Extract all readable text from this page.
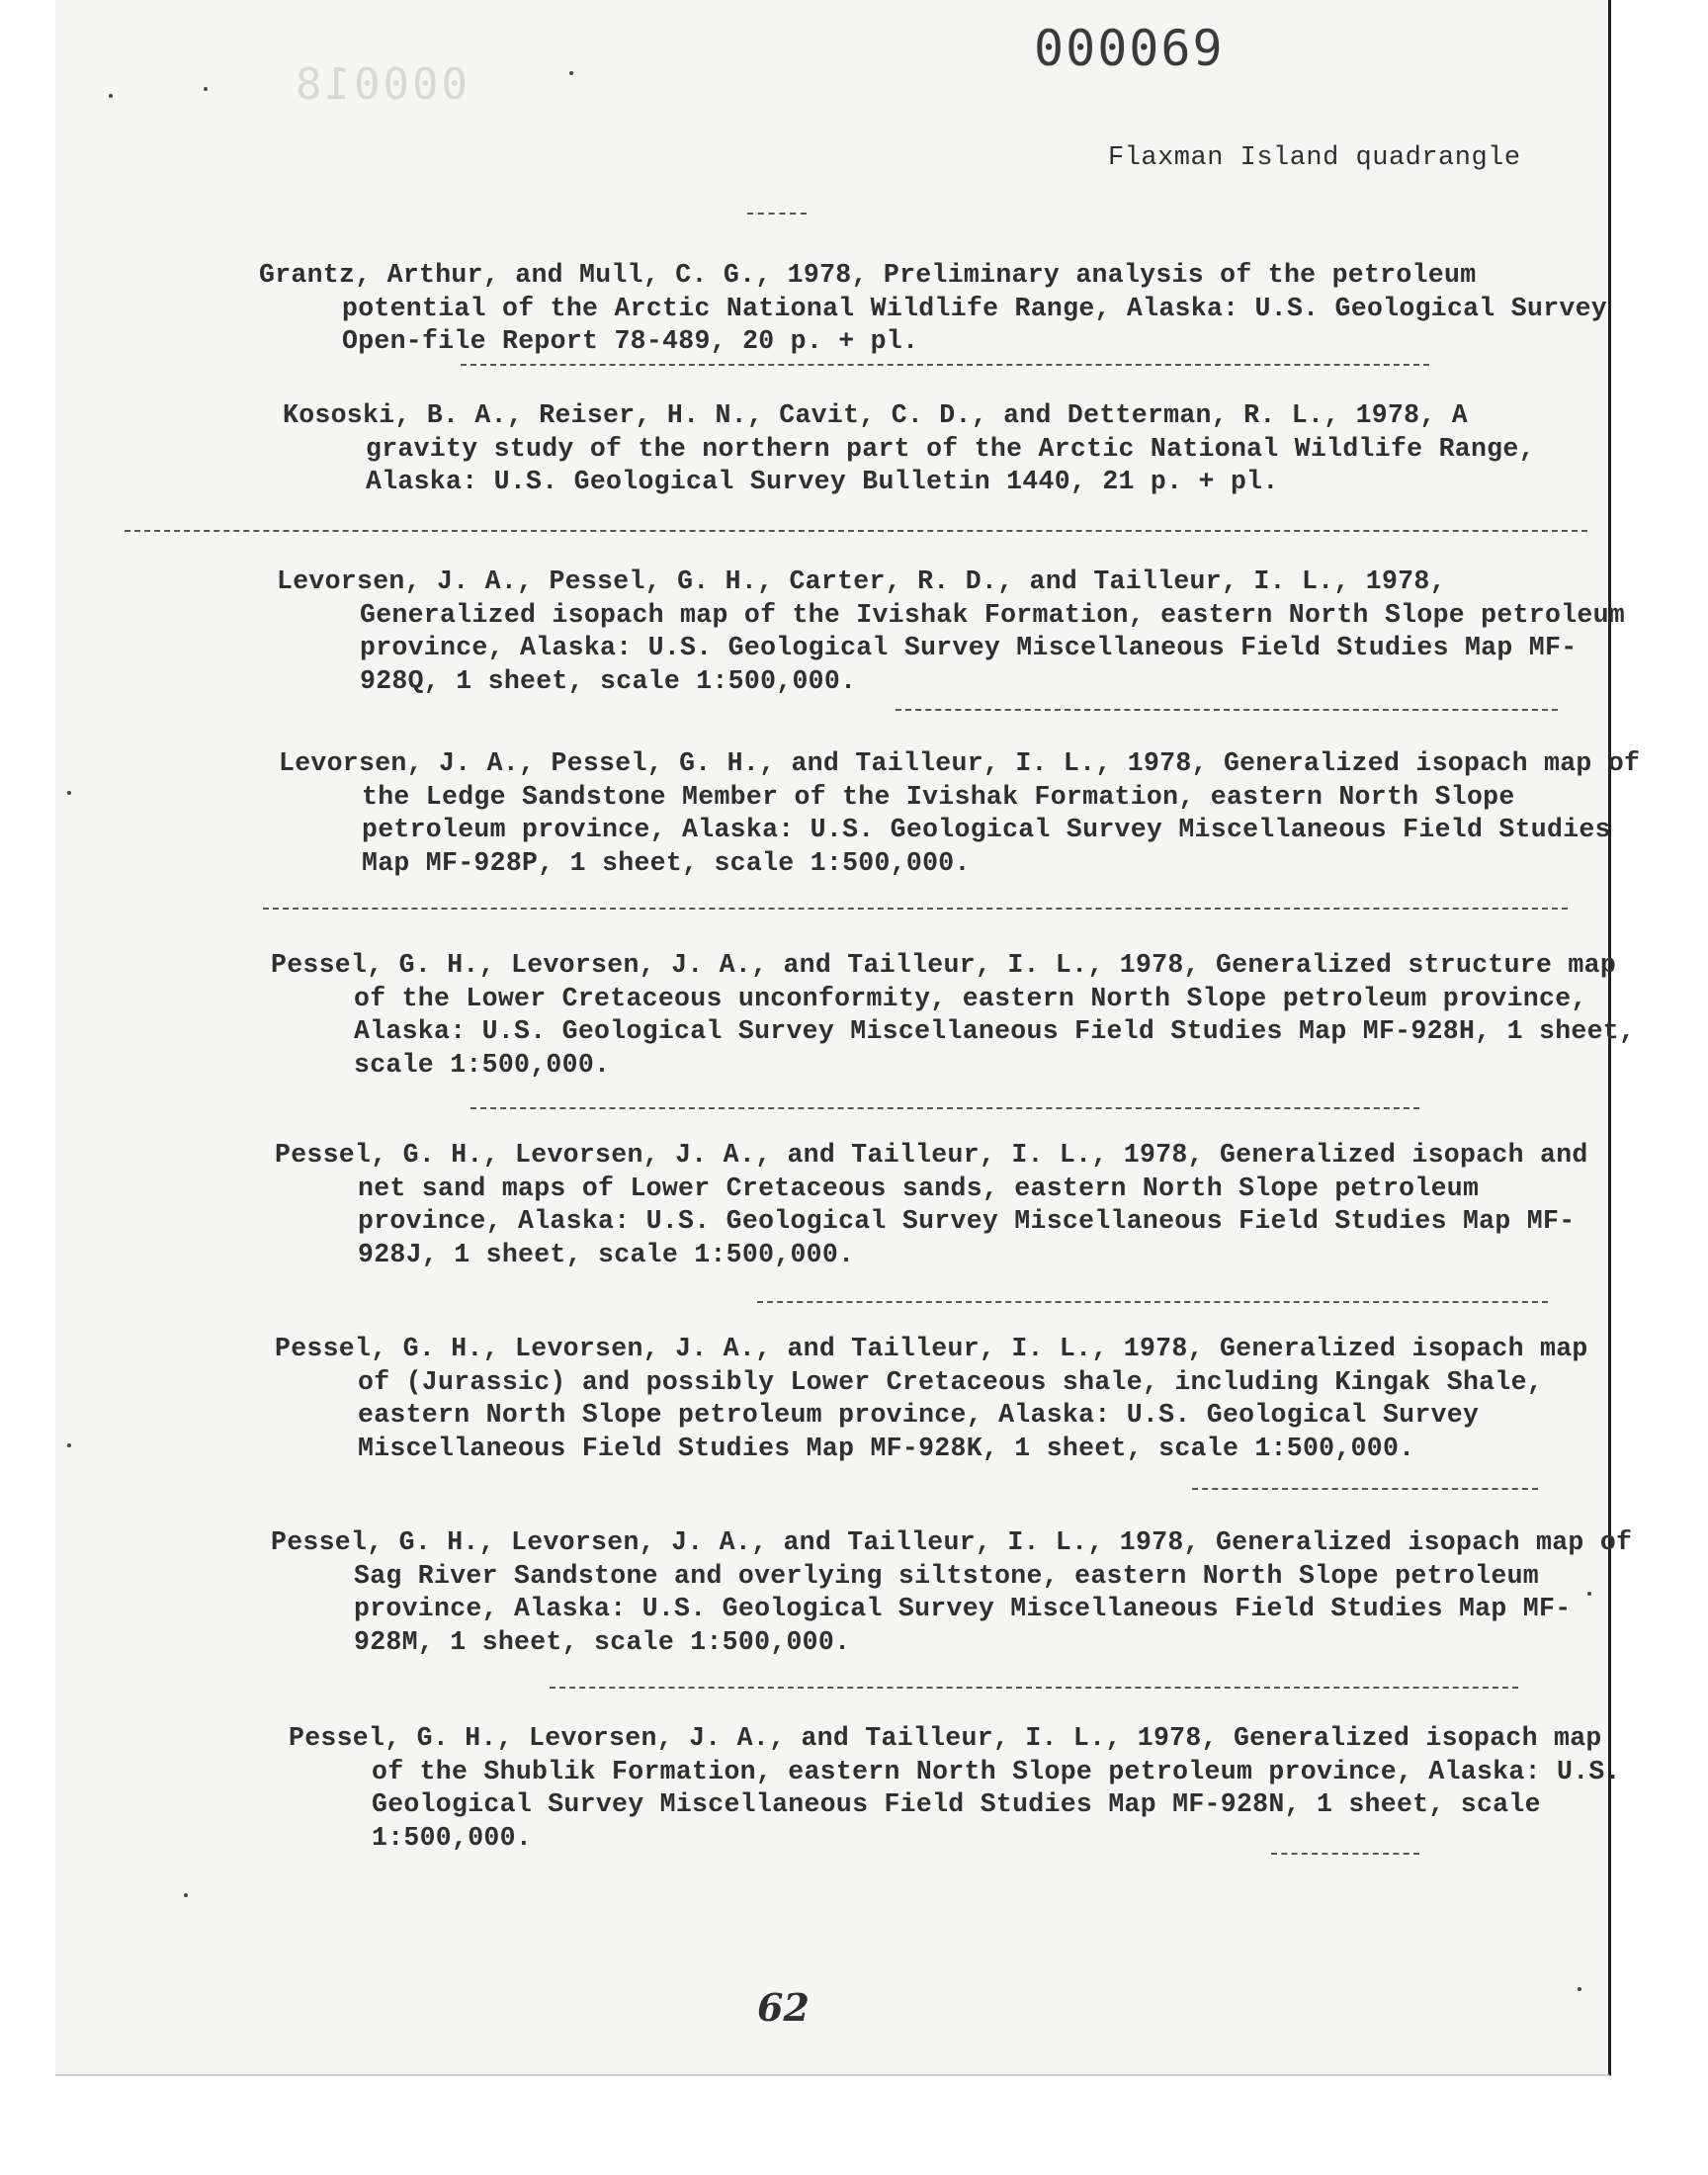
000018
000069
Flaxman Island quadrangle
Grantz, Arthur, and Mull, C. G., 1978, Preliminary analysis of the petroleum potential of the Arctic National Wildlife Range, Alaska: U.S. Geological Survey Open-file Report 78-489, 20 p. + pl.
Kososki, B. A., Reiser, H. N., Cavit, C. D., and Detterman, R. L., 1978, A gravity study of the northern part of the Arctic National Wildlife Range, Alaska: U.S. Geological Survey Bulletin 1440, 21 p. + pl.
Levorsen, J. A., Pessel, G. H., Carter, R. D., and Tailleur, I. L., 1978, Generalized isopach map of the Ivishak Formation, eastern North Slope petroleum province, Alaska: U.S. Geological Survey Miscellaneous Field Studies Map MF-928Q, 1 sheet, scale 1:500,000.
Levorsen, J. A., Pessel, G. H., and Tailleur, I. L., 1978, Generalized isopach map of the Ledge Sandstone Member of the Ivishak Formation, eastern North Slope petroleum province, Alaska: U.S. Geological Survey Miscellaneous Field Studies Map MF-928P, 1 sheet, scale 1:500,000.
Pessel, G. H., Levorsen, J. A., and Tailleur, I. L., 1978, Generalized structure map of the Lower Cretaceous unconformity, eastern North Slope petroleum province, Alaska: U.S. Geological Survey Miscellaneous Field Studies Map MF-928H, 1 sheet, scale 1:500,000.
Pessel, G. H., Levorsen, J. A., and Tailleur, I. L., 1978, Generalized isopach and net sand maps of Lower Cretaceous sands, eastern North Slope petroleum province, Alaska: U.S. Geological Survey Miscellaneous Field Studies Map MF-928J, 1 sheet, scale 1:500,000.
Pessel, G. H., Levorsen, J. A., and Tailleur, I. L., 1978, Generalized isopach map of (Jurassic) and possibly Lower Cretaceous shale, including Kingak Shale, eastern North Slope petroleum province, Alaska: U.S. Geological Survey Miscellaneous Field Studies Map MF-928K, 1 sheet, scale 1:500,000.
Pessel, G. H., Levorsen, J. A., and Tailleur, I. L., 1978, Generalized isopach map of Sag River Sandstone and overlying siltstone, eastern North Slope petroleum province, Alaska: U.S. Geological Survey Miscellaneous Field Studies Map MF-928M, 1 sheet, scale 1:500,000.
Pessel, G. H., Levorsen, J. A., and Tailleur, I. L., 1978, Generalized isopach map of the Shublik Formation, eastern North Slope petroleum province, Alaska: U.S. Geological Survey Miscellaneous Field Studies Map MF-928N, 1 sheet, scale 1:500,000.
62
